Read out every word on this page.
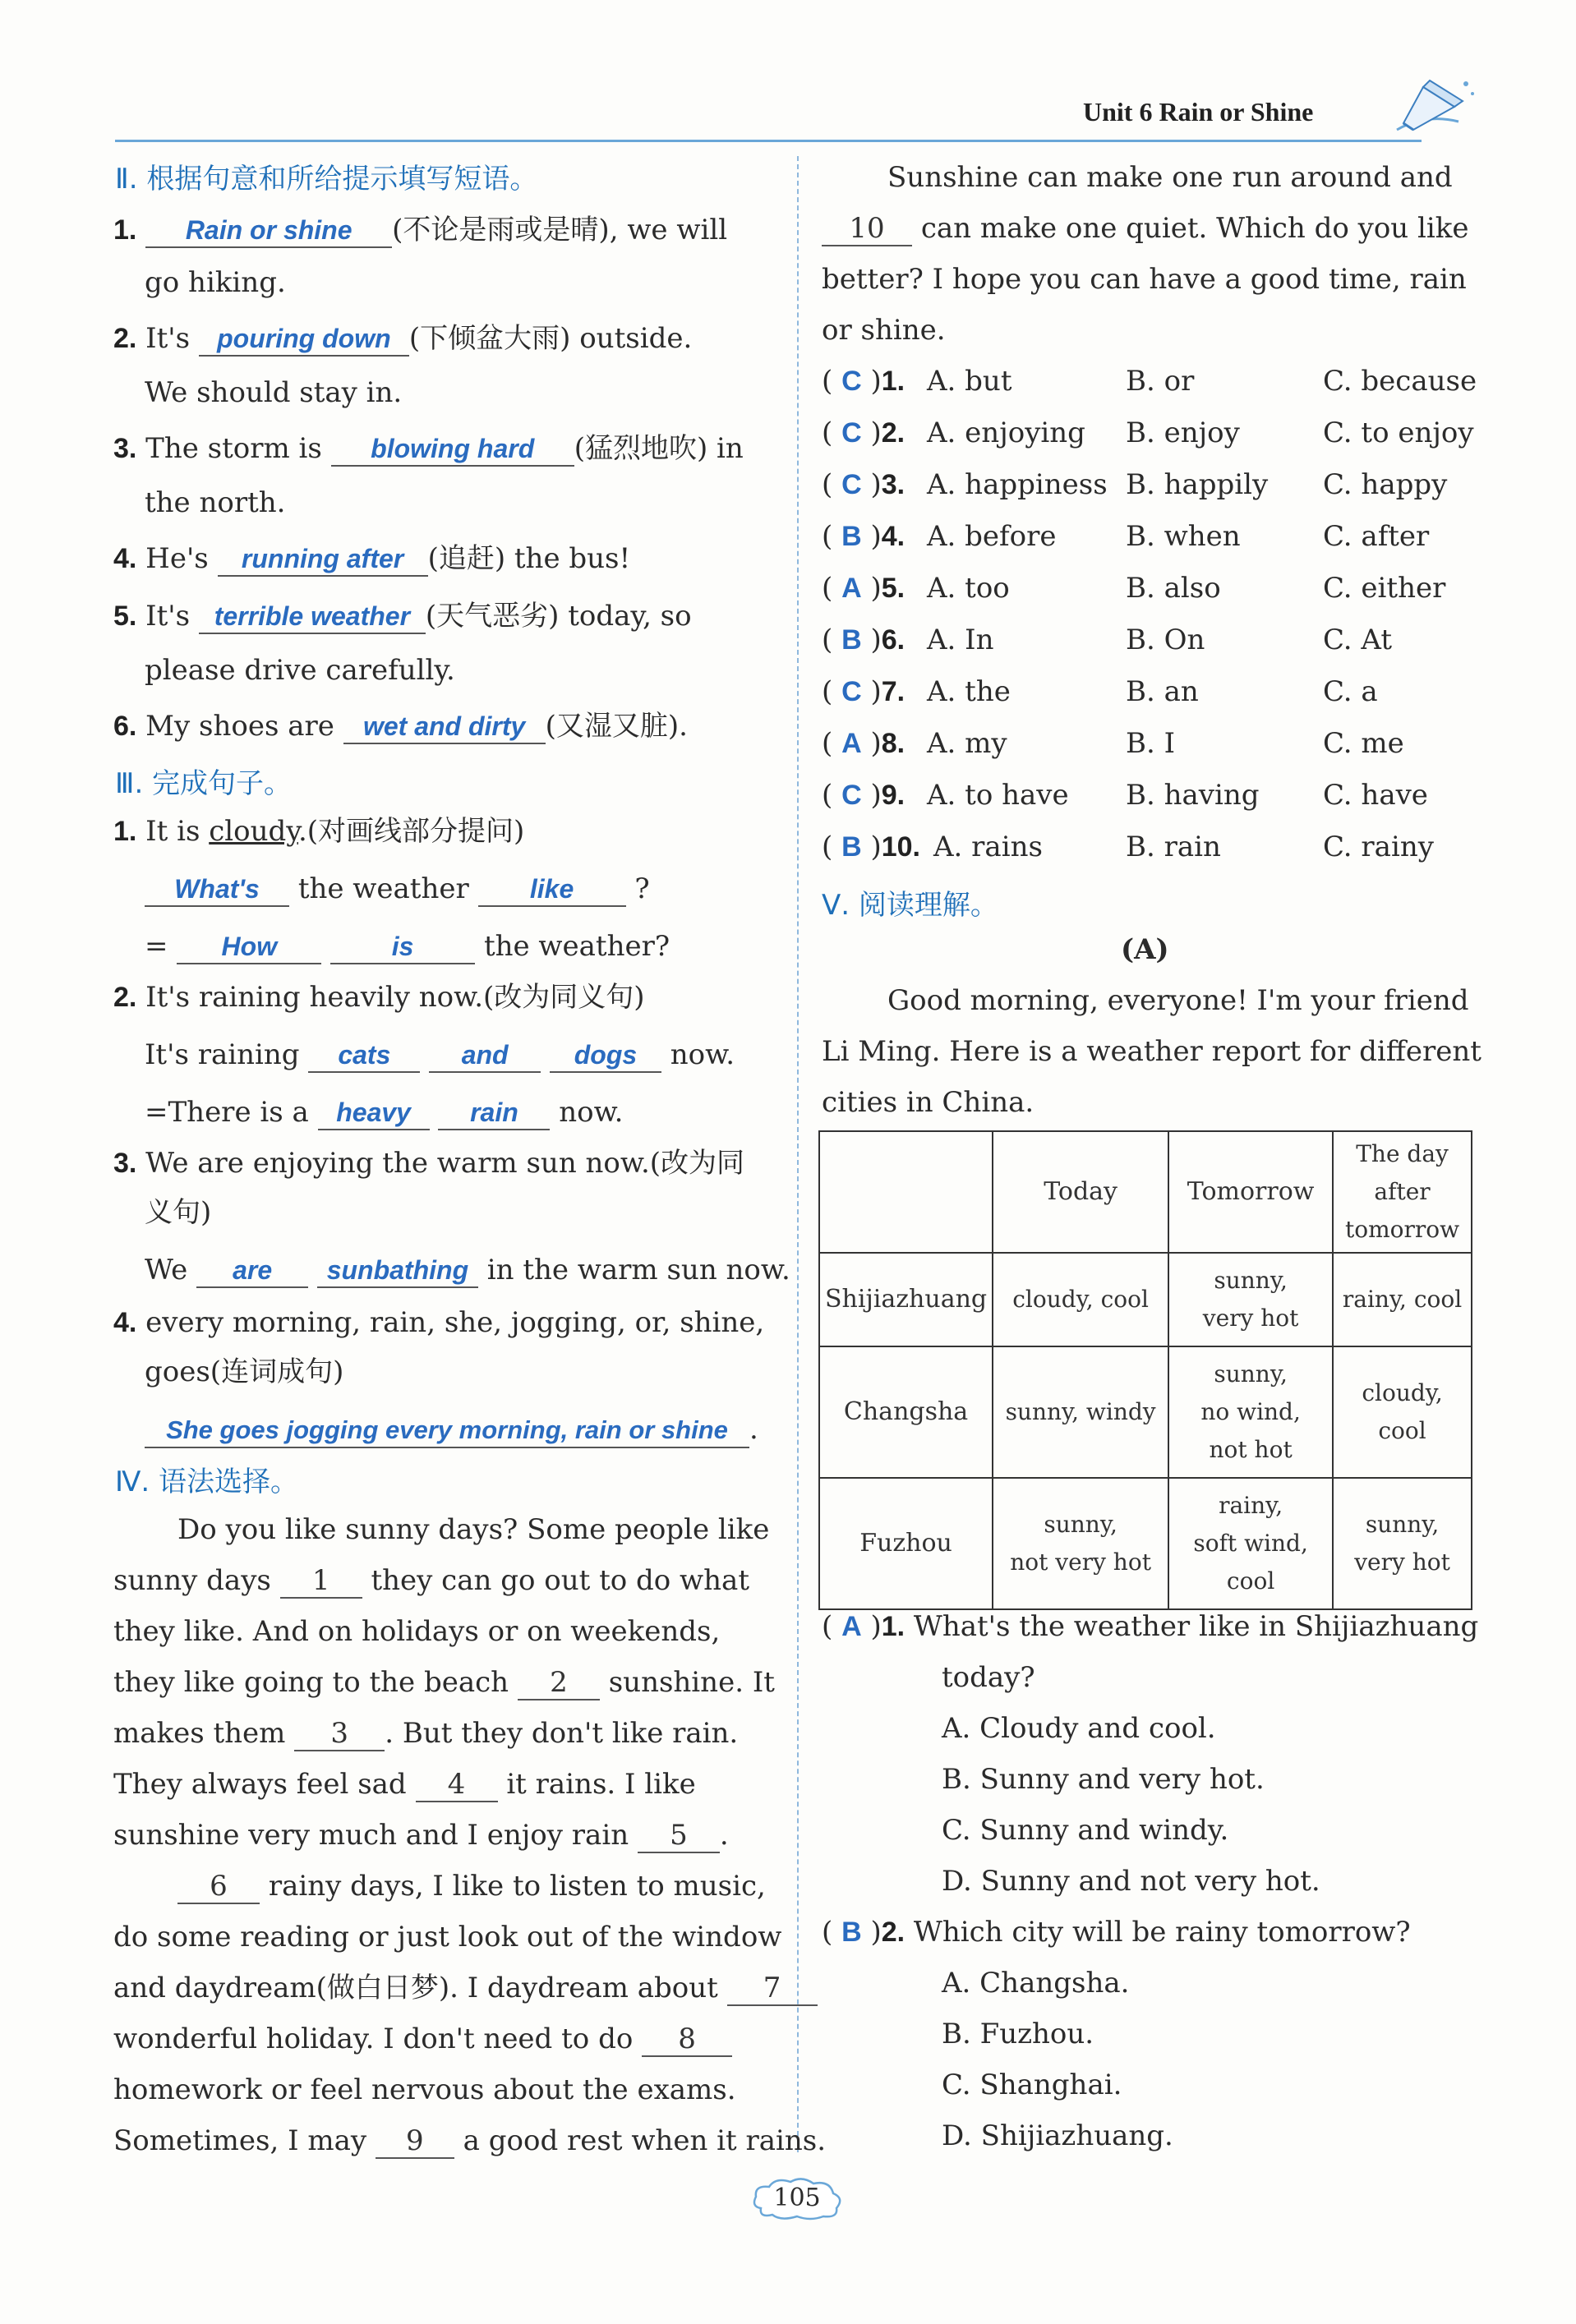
Unit 6 Rain or Shine
Ⅱ. 根据句意和所给提示填写短语。
1. Rain or shine (不论是雨或是晴), we will
go hiking.
2. It's pouring down (下倾盆大雨) outside.
We should stay in.
3. The storm is blowing hard (猛烈地吹) in
the north.
4. He's running after (追赶) the bus!
5. It's terrible weather (天气恶劣) today, so
please drive carefully.
6. My shoes are wet and dirty (又湿又脏).
Ⅲ. 完成句子。
1. It is cloudy.(对画线部分提问)
What's the weather like ?
= How	is	the weather?
2. It's raining heavily now.(改为同义句)
It's raining cats	and	dogs now.
=There is a heavy rain now.
3. We are enjoying the warm sun now.(改为同
义句)
We are sunbathing in the warm sun now.
4. every morning, rain, she, jogging, or, shine,
goes(连词成句)
She goes jogging every morning, rain or shine .
Ⅳ. 语法选择。
Do you like sunny days? Some people like
sunny days 1 they can go out to do what
they like. And on holidays or on weekends,
they like going to the beach 2 sunshine. It
makes them 3 . But they don't like rain.
They always feel sad 4 it rains. I like
sunshine very much and I enjoy rain 5 .
6 rainy days, I like to listen to music,
do some reading or just look out of the window
and daydream(做白日梦). I daydream about 7
wonderful holiday. I don't need to do 8
homework or feel nervous about the exams.
Sometimes, I may 9 a good rest when it rains.
Sunshine can make one run around and
10 can make one quiet. Which do you like
better? I hope you can have a good time, rain
or shine.
( C )1. A. but	B. or	C. because
( C )2. A. enjoying B. enjoy	C. to enjoy
( C )3. A. happiness B. happily C. happy
( B )4. A. before B. when	C. after
( A )5. A. too	B. also	C. either
( B )6. A. In	B. On	C. At
( C )7. A. the	B. an	C. a
( A )8. A. my	B. I	C. me
( C )9. A. to have B. having C. have
( B )10. A. rains	B. rain	C. rainy
Ⅴ. 阅读理解。
(A)
Good morning, everyone! I'm your friend
Li Ming. Here is a weather report for different
cities in China.
	Today	Tomorrow	The day after
tomorrow
Shijiazhuang	cloudy, cool	sunny,
very hot	rainy, cool
Changsha	sunny, windy	sunny,
no wind,
not hot	cloudy, cool
Fuzhou	sunny,
not very hot	rainy,
soft wind,
cool	sunny,
very hot
( A )1. What's the weather like in Shijiazhuang
today?
A. Cloudy and cool.
B. Sunny and very hot.
C. Sunny and windy.
D. Sunny and not very hot.
( B )2. Which city will be rainy tomorrow?
A. Changsha.
B. Fuzhou.
C. Shanghai.
D. Shijiazhuang.
105
